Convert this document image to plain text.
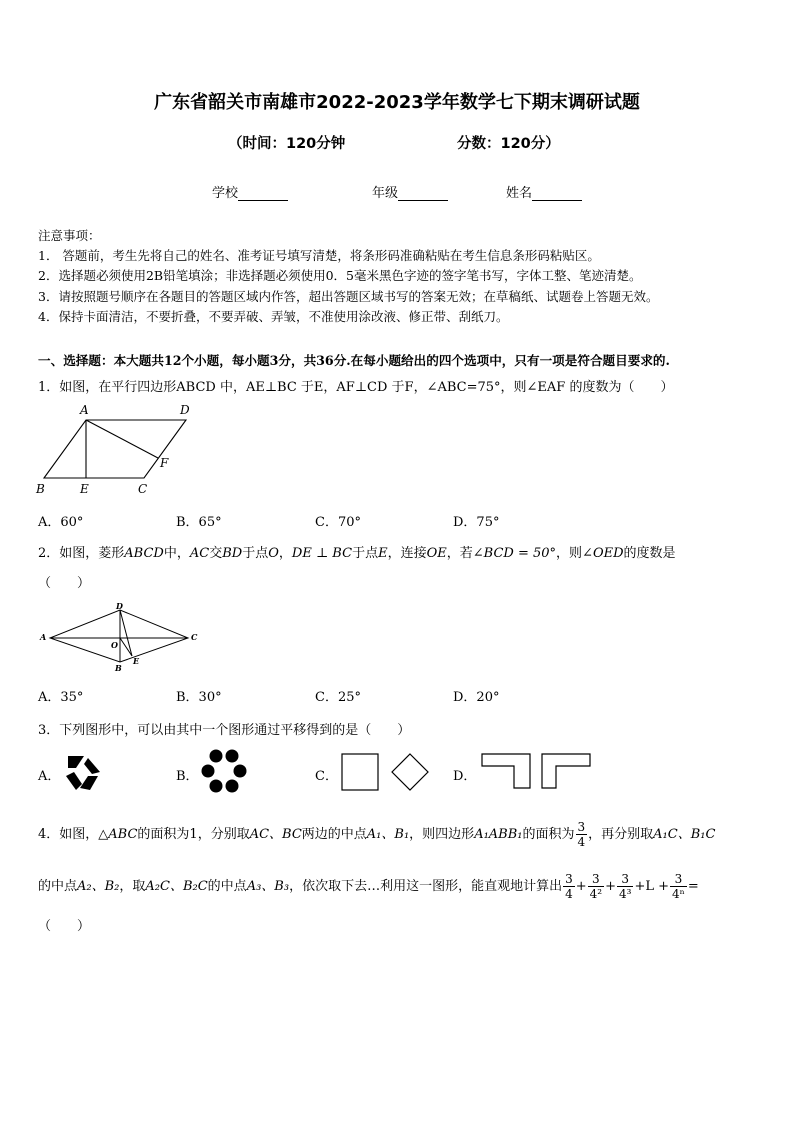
广东省韶关市南雄市2022-2023学年数学七下期末调研试题
（时间：120分钟	分数：120分）
学校	年级	姓名
注意事项：
1． 答题前，考生先将自己的姓名、准考证号填写清楚，将条形码准确粘贴在考生信息条形码粘贴区。
2．选择题必须使用2B铅笔填涂；非选择题必须使用0．5毫米黑色字迹的签字笔书写，字体工整、笔迹清楚。
3．请按照题号顺序在各题目的答题区域内作答，超出答题区域书写的答案无效；在草稿纸、试题卷上答题无效。
4．保持卡面清洁，不要折叠，不要弄破、弄皱，不准使用涂改液、修正带、刮纸刀。
一、选择题：本大题共12个小题，每小题3分，共36分.在每小题给出的四个选项中，只有一项是符合题目要求的.
1．如图，在平行四边形ABCD 中，AE⊥BC 于E，AF⊥CD 于F，∠ABC=75°，则∠EAF 的度数为（　　）
A	D
F
B	E	C
A．60°	B．65°	C．70°	D．75°
2．如图，菱形ABCD中，AC交BD于点O，DE ⊥ BC于点E，连接OE，若∠BCD = 50°，则∠OED的度数是
（　　）
D
A	C
O
B
E
A．35°	B．30°	C．25°	D．20°
3．下列图形中，可以由其中一个图形通过平移得到的是（　　）
A．	B．	C．	D．
4．如图，△ABC的面积为1，分别取AC、BC两边的中点A₁、B₁，则四边形A₁ABB₁的面积为 $\frac{3}{4}$ ，再分别取A₁C、B₁C
的中点A₂、B₂，取A₂C、B₂C的中点A₃、B₃，依次取下去…利用这一图形，能直观地计算出 $\frac{3}{4} + \frac{3}{\text{4²}} + \frac{3}{\text{4³}} +L + \frac{3}{\text{4ⁿ}}$ =
（　　）
